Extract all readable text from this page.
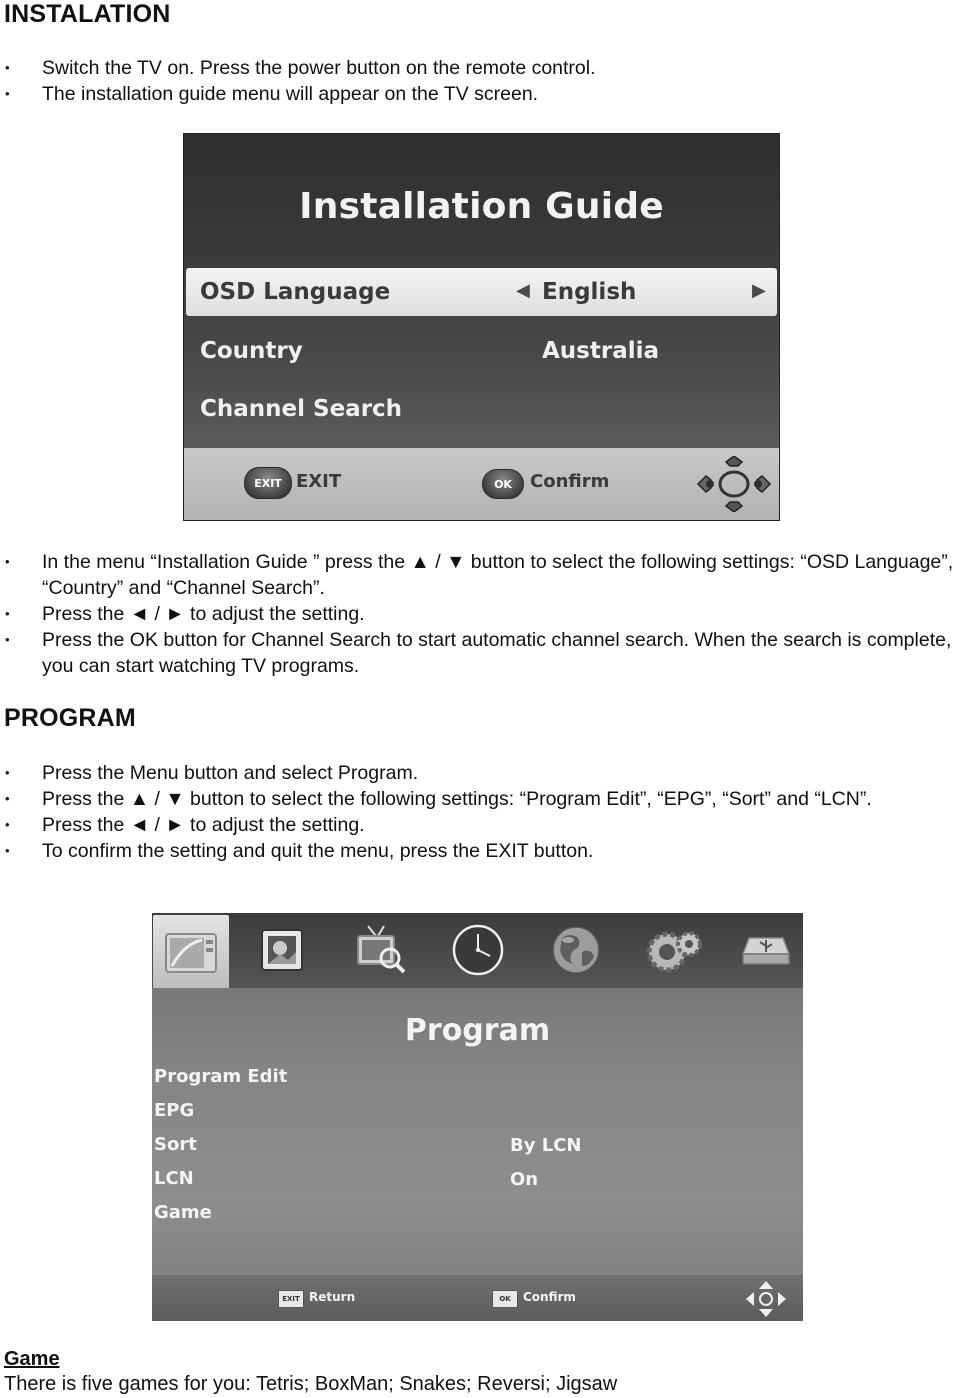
INSTALATION
• Switch the TV on. Press the power button on the remote control.
• The installation guide menu will appear on the TV screen.
Installation Guide
OSD Language	◀ English	▶
Country	Australia
Channel Search
EXIT EXIT	OK	Confirm
• In the menu “Installation Guide ” press the ▲ / ▼ button to select the following settings: “OSD Language”, “Country” and “Channel Search”.
• Press the ◄ / ► to adjust the setting.
• Press the OK button for Channel Search to start automatic channel search. When the search is complete, you can start watching TV programs.
PROGRAM
• Press the Menu button and select Program.
• Press the ▲ / ▼ button to select the following settings: “Program Edit”, “EPG”, “Sort” and “LCN”.
• Press the ◄ / ► to adjust the setting.
• To confirm the setting and quit the menu, press the EXIT button.
Program
Program Edit
EPG
Sort	By LCN
LCN	On
Game
EXIT Return	OK	Confirm

Game

There is five games for you: Tetris; BoxMan; Snakes; Reversi; Jigsaw
